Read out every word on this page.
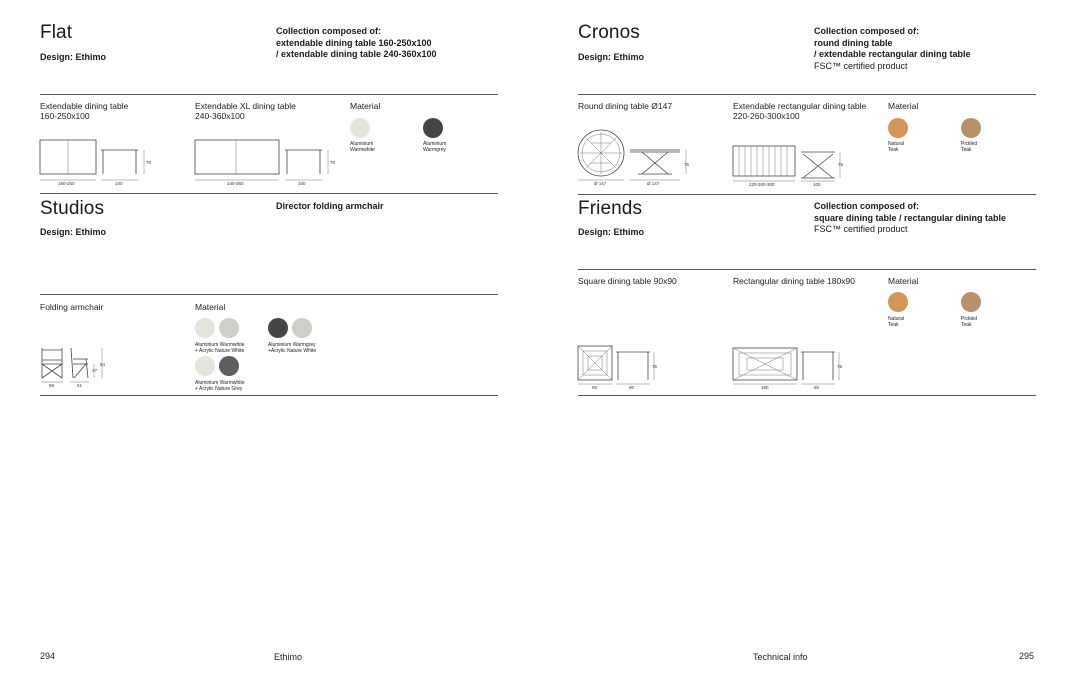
Flat
Design: Ethimo
Collection composed of:
extendable dining table 160-250x100
/ extendable dining table 240-360x100
Extendable dining table
160-250x100
Extendable XL dining table
240-360x100
Material
Aluminium
Warmwhite
Aluminium
Warmgrey
160-250	100
76
240-360	100
76
Studios
Design: Ethimo
Director folding armchair
Folding armchair	Material
Aluminium Warmwhite
+ Acrylic Nature White
Aluminium Warmgrey
+Acrylic Nature White
Aluminium Warmwhite
+ Acrylic Nature Grey
59	51
47
84
294	Ethimo
Cronos
Design: Ethimo
Collection composed of:
round dining table
/ extendable rectangular dining table
FSC™ certified product
Round dining table Ø147	Extendable rectangular dining table
220-260-300x100
Material
Natural
Teak
Pickled
Teak
Ø 147	Ø 147
75
220-260-300	100
75
Friends
Design: Ethimo
Collection composed of:
square dining table / rectangular dining table
FSC™ certified product
Square dining table 90x90	Rectangular dining table 180x90	Material
Natural
Teak
Pickled
Teak
90	90
75
180	90
75
Technical info	295
